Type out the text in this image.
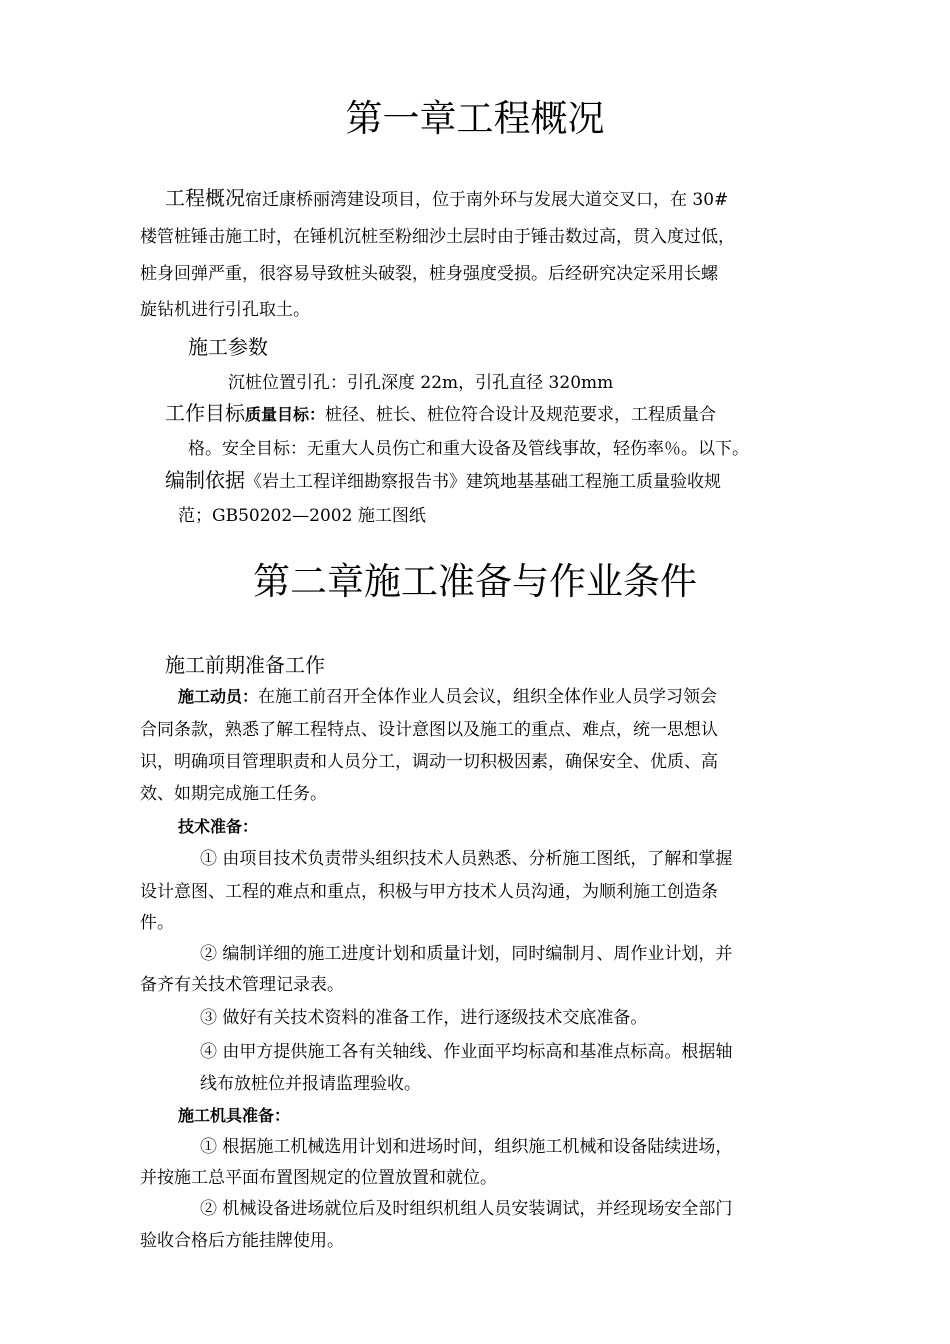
第一章工程概况
工程概况宿迁康桥丽湾建设项目，位于南外环与发展大道交叉口，在 30#
楼管桩锤击施工时，在锤机沉桩至粉细沙土层时由于锤击数过高，贯入度过低，
桩身回弹严重，很容易导致桩头破裂，桩身强度受损。后经研究决定采用长螺
旋钻机进行引孔取土。
施工参数
沉桩位置引孔：引孔深度 22m，引孔直径 320mm
工作目标质量目标：桩径、桩长、桩位符合设计及规范要求，工程质量合
格。安全目标：无重大人员伤亡和重大设备及管线事故，轻伤率％。以下。
编制依据《岩土工程详细勘察报告书》建筑地基基础工程施工质量验收规
范；GB50202—2002 施工图纸
第二章施工准备与作业条件
施工前期准备工作
施工动员：在施工前召开全体作业人员会议，组织全体作业人员学习领会
合同条款，熟悉了解工程特点、设计意图以及施工的重点、难点，统一思想认
识，明确项目管理职责和人员分工，调动一切积极因素，确保安全、优质、高
效、如期完成施工任务。
技术准备：
① 由项目技术负责带头组织技术人员熟悉、分析施工图纸，了解和掌握
设计意图、工程的难点和重点，积极与甲方技术人员沟通，为顺利施工创造条
件。
② 编制详细的施工进度计划和质量计划，同时编制月、周作业计划，并
备齐有关技术管理记录表。
③ 做好有关技术资料的准备工作，进行逐级技术交底准备。
④ 由甲方提供施工各有关轴线、作业面平均标高和基准点标高。根据轴
线布放桩位并报请监理验收。
施工机具准备：
① 根据施工机械选用计划和进场时间，组织施工机械和设备陆续进场，
并按施工总平面布置图规定的位置放置和就位。
② 机械设备进场就位后及时组织机组人员安装调试，并经现场安全部门
验收合格后方能挂牌使用。
